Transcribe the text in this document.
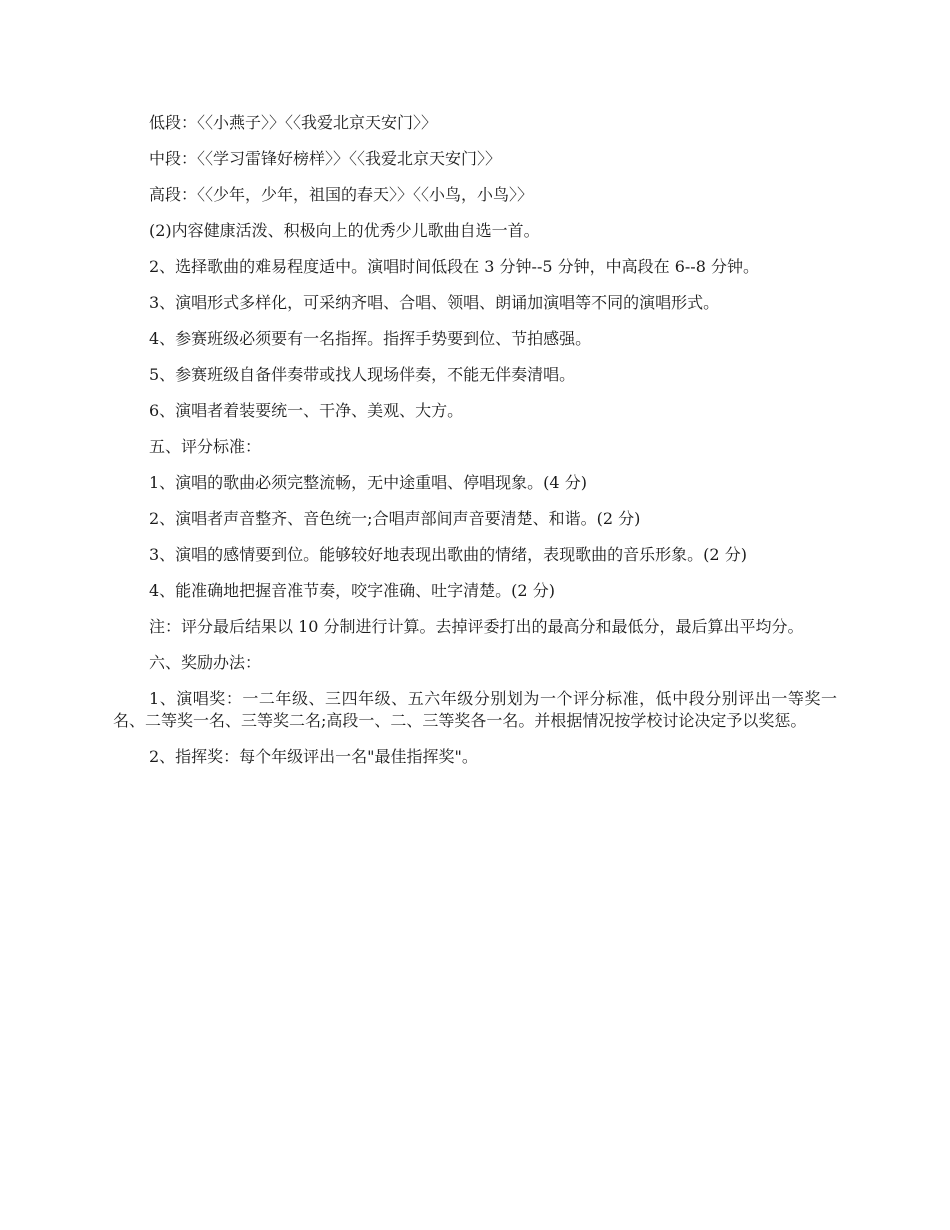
低段：〈〈小燕子〉〉〈〈我爱北京天安门〉〉

中段：〈〈学习雷锋好榜样〉〉〈〈我爱北京天安门〉〉

高段：〈〈少年，少年，祖国的春天〉〉〈〈小鸟，小鸟〉〉

(2)内容健康活泼、积极向上的优秀少儿歌曲自选一首。

2、选择歌曲的难易程度适中。演唱时间低段在 3 分钟--5 分钟，中高段在 6--8 分钟。

3、演唱形式多样化，可采纳齐唱、合唱、领唱、朗诵加演唱等不同的演唱形式。

4、参赛班级必须要有一名指挥。指挥手势要到位、节拍感强。

5、参赛班级自备伴奏带或找人现场伴奏，不能无伴奏清唱。

6、演唱者着装要统一、干净、美观、大方。

五、评分标准：

1、演唱的歌曲必须完整流畅，无中途重唱、停唱现象。(4 分)

2、演唱者声音整齐、音色统一;合唱声部间声音要清楚、和谐。(2 分)

3、演唱的感情要到位。能够较好地表现出歌曲的情绪，表现歌曲的音乐形象。(2 分)

4、能准确地把握音准节奏，咬字准确、吐字清楚。(2 分)

注：评分最后结果以 10 分制进行计算。去掉评委打出的最高分和最低分，最后算出平均分。

六、奖励办法：

1、演唱奖：一二年级、三四年级、五六年级分别划为一个评分标准，低中段分别评出一等奖一名、二等奖一名、三等奖二名;高段一、二、三等奖各一名。并根据情况按学校讨论决定予以奖惩。

2、指挥奖：每个年级评出一名"最佳指挥奖"。
